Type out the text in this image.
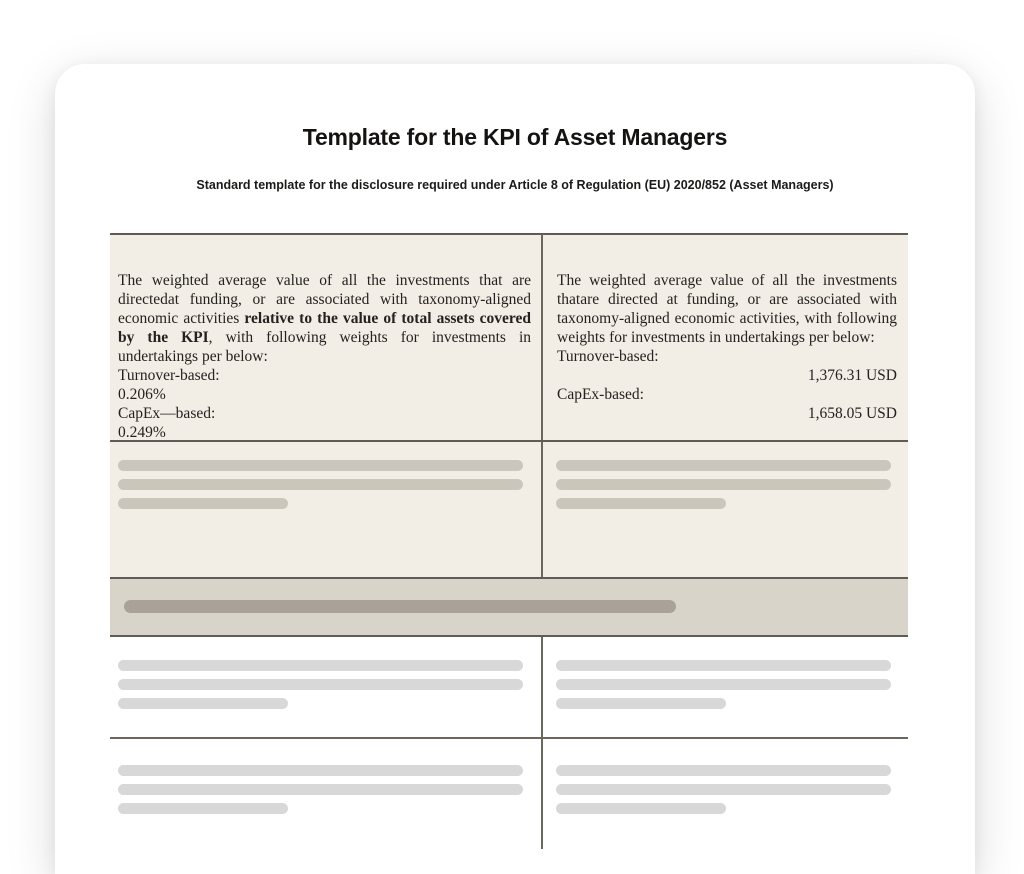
Template for the KPI of Asset Managers
Standard template for the disclosure required under Article 8 of Regulation (EU) 2020/852 (Asset Managers)
The weighted average value of all the investments that are directedat funding, or are associated with taxonomy-aligned economic activities relative to the value of total assets covered by the KPI, with following weights for investments in undertakings per below:
Turnover-based:
0.206%
CapEx—based:
0.249%
The weighted average value of all the investments thatare directed at funding, or are associated with taxonomy-aligned economic activities, with following weights for investments in undertakings per below:
Turnover-based:
1,376.31 USD
CapEx-based:
1,658.05 USD
